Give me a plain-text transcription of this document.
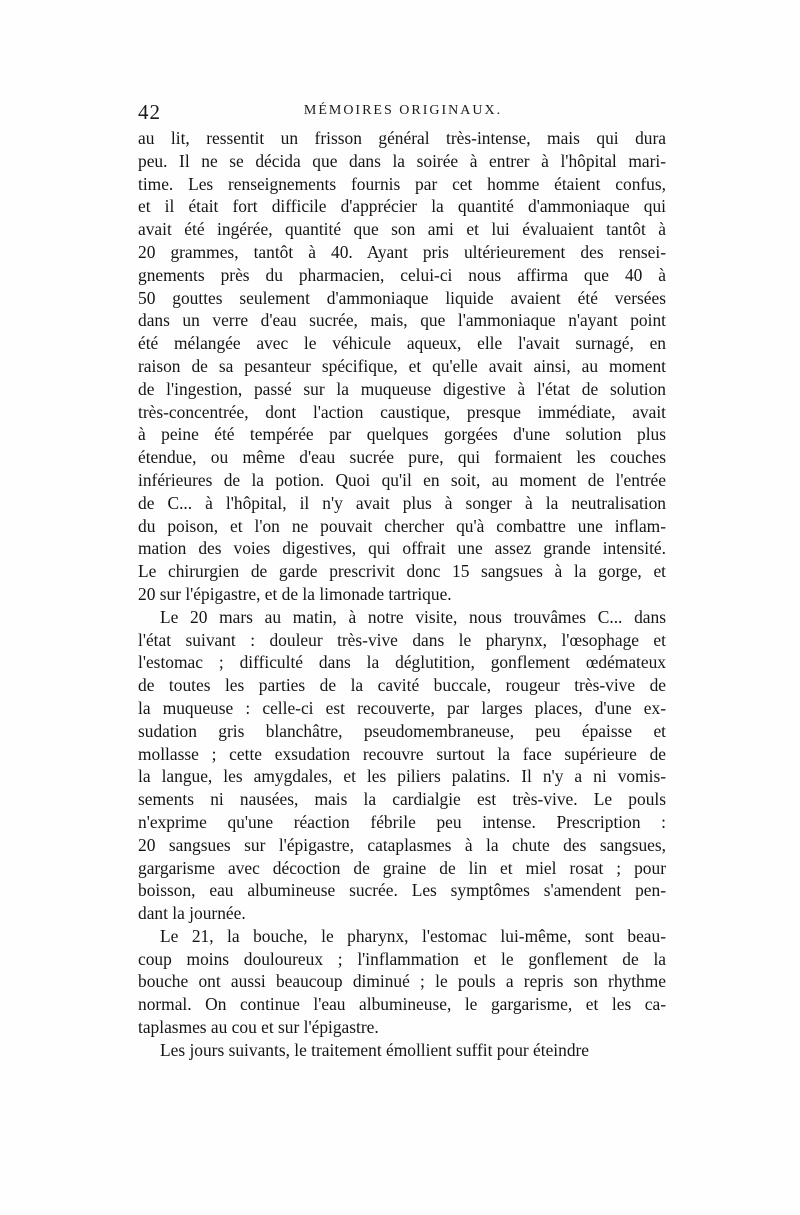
42	MÉMOIRES ORIGINAUX.
au lit, ressentit un frisson général très-intense, mais qui dura
peu. Il ne se décida que dans la soirée à entrer à l'hôpital mari-
time. Les renseignements fournis par cet homme étaient confus,
et il était fort difficile d'apprécier la quantité d'ammoniaque qui
avait été ingérée, quantité que son ami et lui évaluaient tantôt à
20 grammes, tantôt à 40. Ayant pris ultérieurement des rensei-
gnements près du pharmacien, celui-ci nous affirma que 40 à
50 gouttes seulement d'ammoniaque liquide avaient été versées
dans un verre d'eau sucrée, mais, que l'ammoniaque n'ayant point
été mélangée avec le véhicule aqueux, elle l'avait surnagé, en
raison de sa pesanteur spécifique, et qu'elle avait ainsi, au moment
de l'ingestion, passé sur la muqueuse digestive à l'état de solution
très-concentrée, dont l'action caustique, presque immédiate, avait
à peine été tempérée par quelques gorgées d'une solution plus
étendue, ou même d'eau sucrée pure, qui formaient les couches
inférieures de la potion. Quoi qu'il en soit, au moment de l'entrée
de C... à l'hôpital, il n'y avait plus à songer à la neutralisation
du poison, et l'on ne pouvait chercher qu'à combattre une inflam-
mation des voies digestives, qui offrait une assez grande intensité.
Le chirurgien de garde prescrivit donc 15 sangsues à la gorge, et
20 sur l'épigastre, et de la limonade tartrique.
Le 20 mars au matin, à notre visite, nous trouvâmes C... dans
l'état suivant : douleur très-vive dans le pharynx, l'œsophage et
l'estomac ; difficulté dans la déglutition, gonflement œdémateux
de toutes les parties de la cavité buccale, rougeur très-vive de
la muqueuse : celle-ci est recouverte, par larges places, d'une ex-
sudation gris blanchâtre, pseudomembraneuse, peu épaisse et
mollasse ; cette exsudation recouvre surtout la face supérieure de
la langue, les amygdales, et les piliers palatins. Il n'y a ni vomis-
sements ni nausées, mais la cardialgie est très-vive. Le pouls
n'exprime qu'une réaction fébrile peu intense. Prescription :
20 sangsues sur l'épigastre, cataplasmes à la chute des sangsues,
gargarisme avec décoction de graine de lin et miel rosat ; pour
boisson, eau albumineuse sucrée. Les symptômes s'amendent pen-
dant la journée.
Le 21, la bouche, le pharynx, l'estomac lui-même, sont beau-
coup moins douloureux ; l'inflammation et le gonflement de la
bouche ont aussi beaucoup diminué ; le pouls a repris son rhythme
normal. On continue l'eau albumineuse, le gargarisme, et les ca-
taplasmes au cou et sur l'épigastre.
Les jours suivants, le traitement émollient suffit pour éteindre
